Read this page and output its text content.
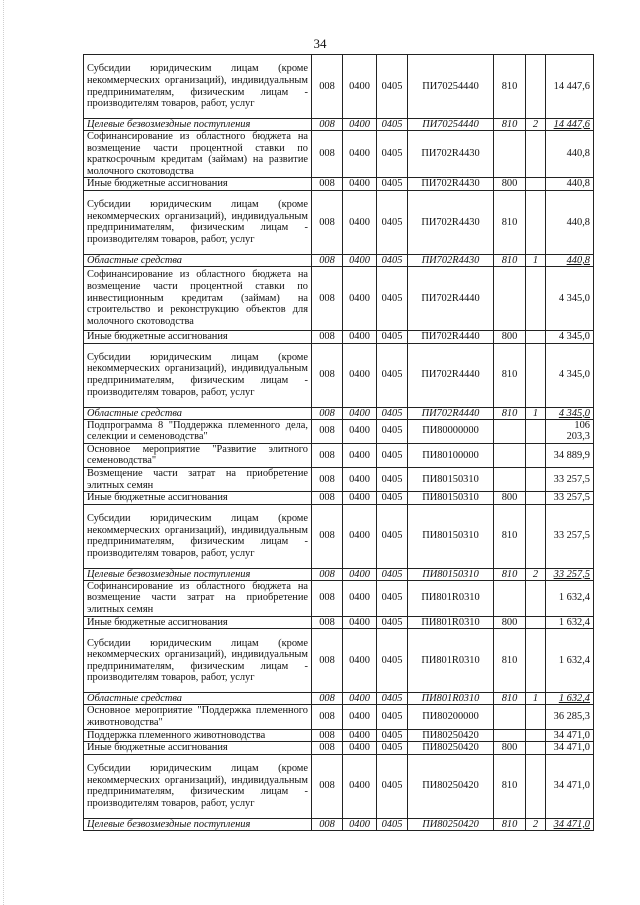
34
Субсидии юридическим лицам (кроме некоммерческих организаций), индивидуальным предпринимателям, физическим лицам - производителям товаров, работ, услуг	008	0400	0405	ПИ70254440	810		14 447,6
Целевые безвозмездные поступления	008	0400	0405	ПИ70254440	810	2	14 447,6
Софинансирование из областного бюджета на возмещение части процентной ставки по краткосрочным кредитам (займам) на развитие молочного скотоводства	008	0400	0405	ПИ702R4430			440,8
Иные бюджетные ассигнования	008	0400	0405	ПИ702R4430	800		440,8
Субсидии юридическим лицам (кроме некоммерческих организаций), индивидуальным предпринимателям, физическим лицам - производителям товаров, работ, услуг	008	0400	0405	ПИ702R4430	810		440,8
Областные средства	008	0400	0405	ПИ702R4430	810	1	440,8
Софинансирование из областного бюджета на возмещение части процентной ставки по инвестиционным кредитам (займам) на строительство и реконструкцию объектов для молочного скотоводства	008	0400	0405	ПИ702R4440			4 345,0
Иные бюджетные ассигнования	008	0400	0405	ПИ702R4440	800		4 345,0
Субсидии юридическим лицам (кроме некоммерческих организаций), индивидуальным предпринимателям, физическим лицам - производителям товаров, работ, услуг	008	0400	0405	ПИ702R4440	810		4 345,0
Областные средства	008	0400	0405	ПИ702R4440	810	1	4 345,0
Подпрограмма 8 "Поддержка племенного дела, селекции и семеноводства"	008	0400	0405	ПИ80000000			106 203,3
Основное мероприятие "Развитие элитного семеноводства"	008	0400	0405	ПИ80100000			34 889,9
Возмещение части затрат на приобретение элитных семян	008	0400	0405	ПИ80150310			33 257,5
Иные бюджетные ассигнования	008	0400	0405	ПИ80150310	800		33 257,5
Субсидии юридическим лицам (кроме некоммерческих организаций), индивидуальным предпринимателям, физическим лицам - производителям товаров, работ, услуг	008	0400	0405	ПИ80150310	810		33 257,5
Целевые безвозмездные поступления	008	0400	0405	ПИ80150310	810	2	33 257,5
Софинансирование из областного бюджета на возмещение части затрат на приобретение элитных семян	008	0400	0405	ПИ801R0310			1 632,4
Иные бюджетные ассигнования	008	0400	0405	ПИ801R0310	800		1 632,4
Субсидии юридическим лицам (кроме некоммерческих организаций), индивидуальным предпринимателям, физическим лицам - производителям товаров, работ, услуг	008	0400	0405	ПИ801R0310	810		1 632,4
Областные средства	008	0400	0405	ПИ801R0310	810	1	1 632,4
Основное мероприятие "Поддержка племенного животноводства"	008	0400	0405	ПИ80200000			36 285,3
Поддержка племенного животноводства	008	0400	0405	ПИ80250420			34 471,0
Иные бюджетные ассигнования	008	0400	0405	ПИ80250420	800		34 471,0
Субсидии юридическим лицам (кроме некоммерческих организаций), индивидуальным предпринимателям, физическим лицам - производителям товаров, работ, услуг	008	0400	0405	ПИ80250420	810		34 471,0
Целевые безвозмездные поступления	008	0400	0405	ПИ80250420	810	2	34 471,0
